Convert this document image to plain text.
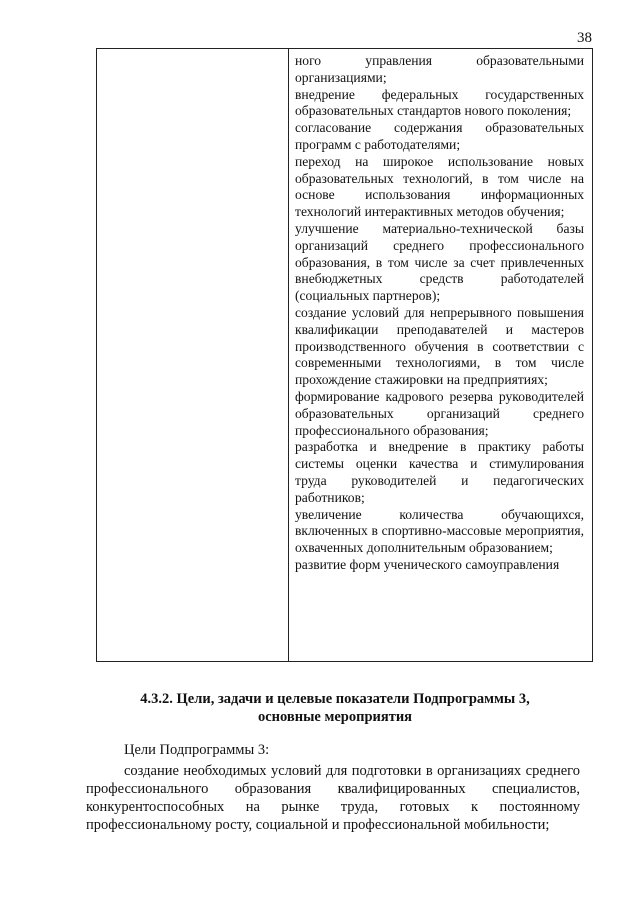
38

ного управления образовательными организациями;

внедрение федеральных государственных образовательных стандартов нового поколения;

согласование содержания образовательных программ с работодателями;

переход на широкое использование новых образовательных технологий, в том числе на основе использования информационных технологий интерактивных методов обучения;

улучшение материально-технической базы организаций среднего профессионального образования, в том числе за счет привлеченных внебюджетных средств работодателей (социальных партнеров);

создание условий для непрерывного повышения квалификации преподавателей и мастеров производственного обучения в соответствии с современными технологиями, в том числе прохождение стажировки на предприятиях;

формирование кадрового резерва руководителей образовательных организаций среднего профессионального образования;

разработка и внедрение в практику работы системы оценки качества и стимулирования труда руководителей и педагогических работников;

увеличение количества обучающихся, включенных в спортивно-массовые мероприятия, охваченных дополнительным образованием;

развитие форм ученического самоуправления

4.3.2. Цели, задачи и целевые показатели Подпрограммы 3,
основные мероприятия
Цели Подпрограммы 3:

создание необходимых условий для подготовки в организациях среднего профессионального образования квалифицированных специалистов, конкурентоспособных на рынке труда, готовых к постоянному профессиональному росту, социальной и профессиональной мобильности;
